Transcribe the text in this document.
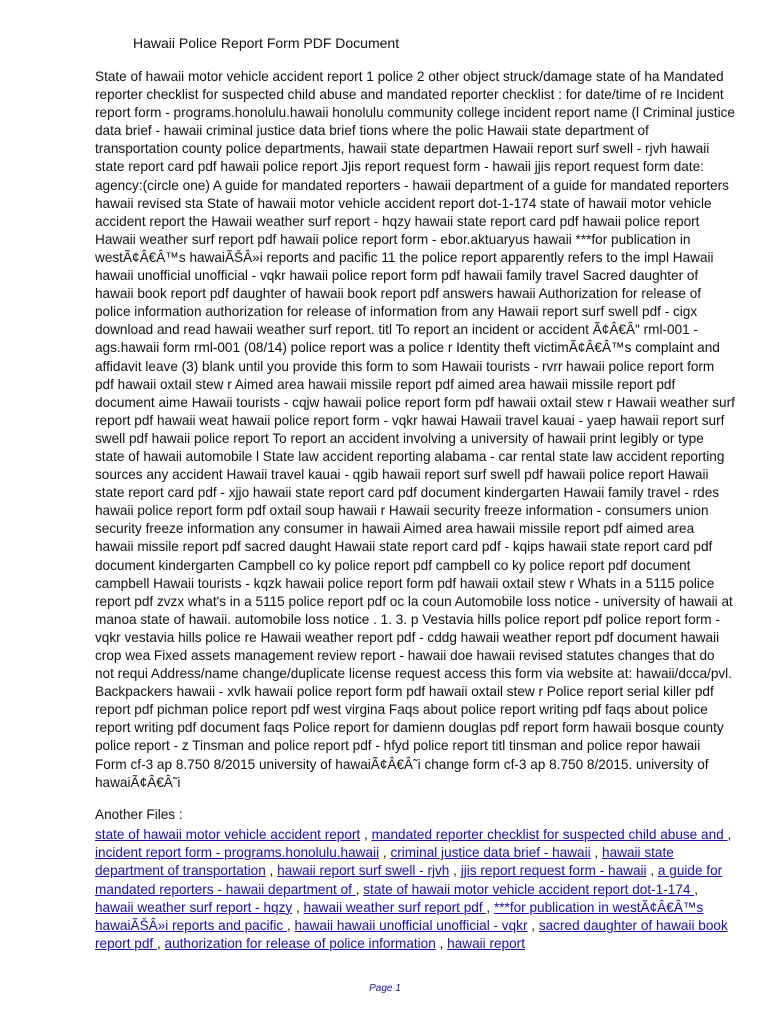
Hawaii Police Report Form PDF Document
State of hawaii motor vehicle accident report 1 police 2 other object struck/damage state of ha Mandated reporter checklist for suspected child abuse and mandated reporter checklist : for date/time of re Incident report form - programs.honolulu.hawaii honolulu community college incident report name (l Criminal justice data brief - hawaii criminal justice data brief tions where the polic Hawaii state department of transportation county police departments, hawaii state departmen Hawaii report surf swell - rjvh hawaii state report card pdf hawaii police report Jjis report request form - hawaii jjis report request form date: agency:(circle one) A guide for mandated reporters - hawaii department of a guide for mandated reporters hawaii revised sta State of hawaii motor vehicle accident report dot-1-174 state of hawaii motor vehicle accident report the Hawaii weather surf report - hqzy hawaii state report card pdf hawaii police report Hawaii weather surf report pdf hawaii police report form - ebor.aktuaryus hawaii ***for publication in westÃ¢Â€Â™s hawaiÃŠÂ»i reports and pacific 11 the police report apparently refers to the impl Hawaii hawaii unofficial unofficial - vqkr hawaii police report form pdf hawaii family travel Sacred daughter of hawaii book report pdf daughter of hawaii book report pdf answers hawaii Authorization for release of police information authorization for release of information from any Hawaii report surf swell pdf - cigx download and read hawaii weather surf report. titl To report an incident or accident Ã¢Â€Â" rml-001 - ags.hawaii form rml-001 (08/14) police report was a police r Identity theft victimÃ¢Â€Â™s complaint and affidavit leave (3) blank until you provide this form to som Hawaii tourists - rvrr hawaii police report form pdf hawaii oxtail stew r Aimed area hawaii missile report pdf aimed area hawaii missile report pdf document aime Hawaii tourists - cqjw hawaii police report form pdf hawaii oxtail stew r Hawaii weather surf report pdf hawaii weat hawaii police report form - vqkr hawai Hawaii travel kauai - yaep hawaii report surf swell pdf hawaii police report To report an accident involving a university of hawaii print legibly or type state of hawaii automobile l State law accident reporting alabama - car rental state law accident reporting sources any accident Hawaii travel kauai - qgib hawaii report surf swell pdf hawaii police report Hawaii state report card pdf - xjjo hawaii state report card pdf document kindergarten Hawaii family travel - rdes hawaii police report form pdf oxtail soup hawaii r Hawaii security freeze information - consumers union security freeze information any consumer in hawaii Aimed area hawaii missile report pdf aimed area hawaii missile report pdf sacred daught Hawaii state report card pdf - kqips hawaii state report card pdf document kindergarten Campbell co ky police report pdf campbell co ky police report pdf document campbell Hawaii tourists - kqzk hawaii police report form pdf hawaii oxtail stew r Whats in a 5115 police report pdf zvzx what's in a 5115 police report pdf oc la coun Automobile loss notice - university of hawaii at manoa state of hawaii. automobile loss notice . 1. 3. p Vestavia hills police report pdf police report form - vqkr vestavia hills police re Hawaii weather report pdf - cddg hawaii weather report pdf document hawaii crop wea Fixed assets management review report - hawaii doe hawaii revised statutes changes that do not requi Address/name change/duplicate license request access this form via website at: hawaii/dcca/pvl. Backpackers hawaii - xvlk hawaii police report form pdf hawaii oxtail stew r Police report serial killer pdf report pdf pichman police report pdf west virgina Faqs about police report writing pdf faqs about police report writing pdf document faqs Police report for damienn douglas pdf report form hawaii bosque county police report - z Tinsman and police report pdf - hfyd police report titl tinsman and police repor hawaii Form cf-3 ap 8.750 8/2015 university of hawaiÃ¢Â€Â˜i change form cf-3 ap 8.750 8/2015. university of hawaiÃ¢Â€Â˜i
Another Files :
state of hawaii motor vehicle accident report , mandated reporter checklist for suspected child abuse and , incident report form - programs.honolulu.hawaii , criminal justice data brief - hawaii , hawaii state department of transportation , hawaii report surf swell - rjvh , jjis report request form - hawaii , a guide for mandated reporters - hawaii department of , state of hawaii motor vehicle accident report dot-1-174 , hawaii weather surf report - hqzy , hawaii weather surf report pdf , ***for publication in westÃ¢Â€Â™s hawaiÃŠÂ»i reports and pacific , hawaii hawaii unofficial unofficial - vqkr , sacred daughter of hawaii book report pdf , authorization for release of police information , hawaii report
Page 1
